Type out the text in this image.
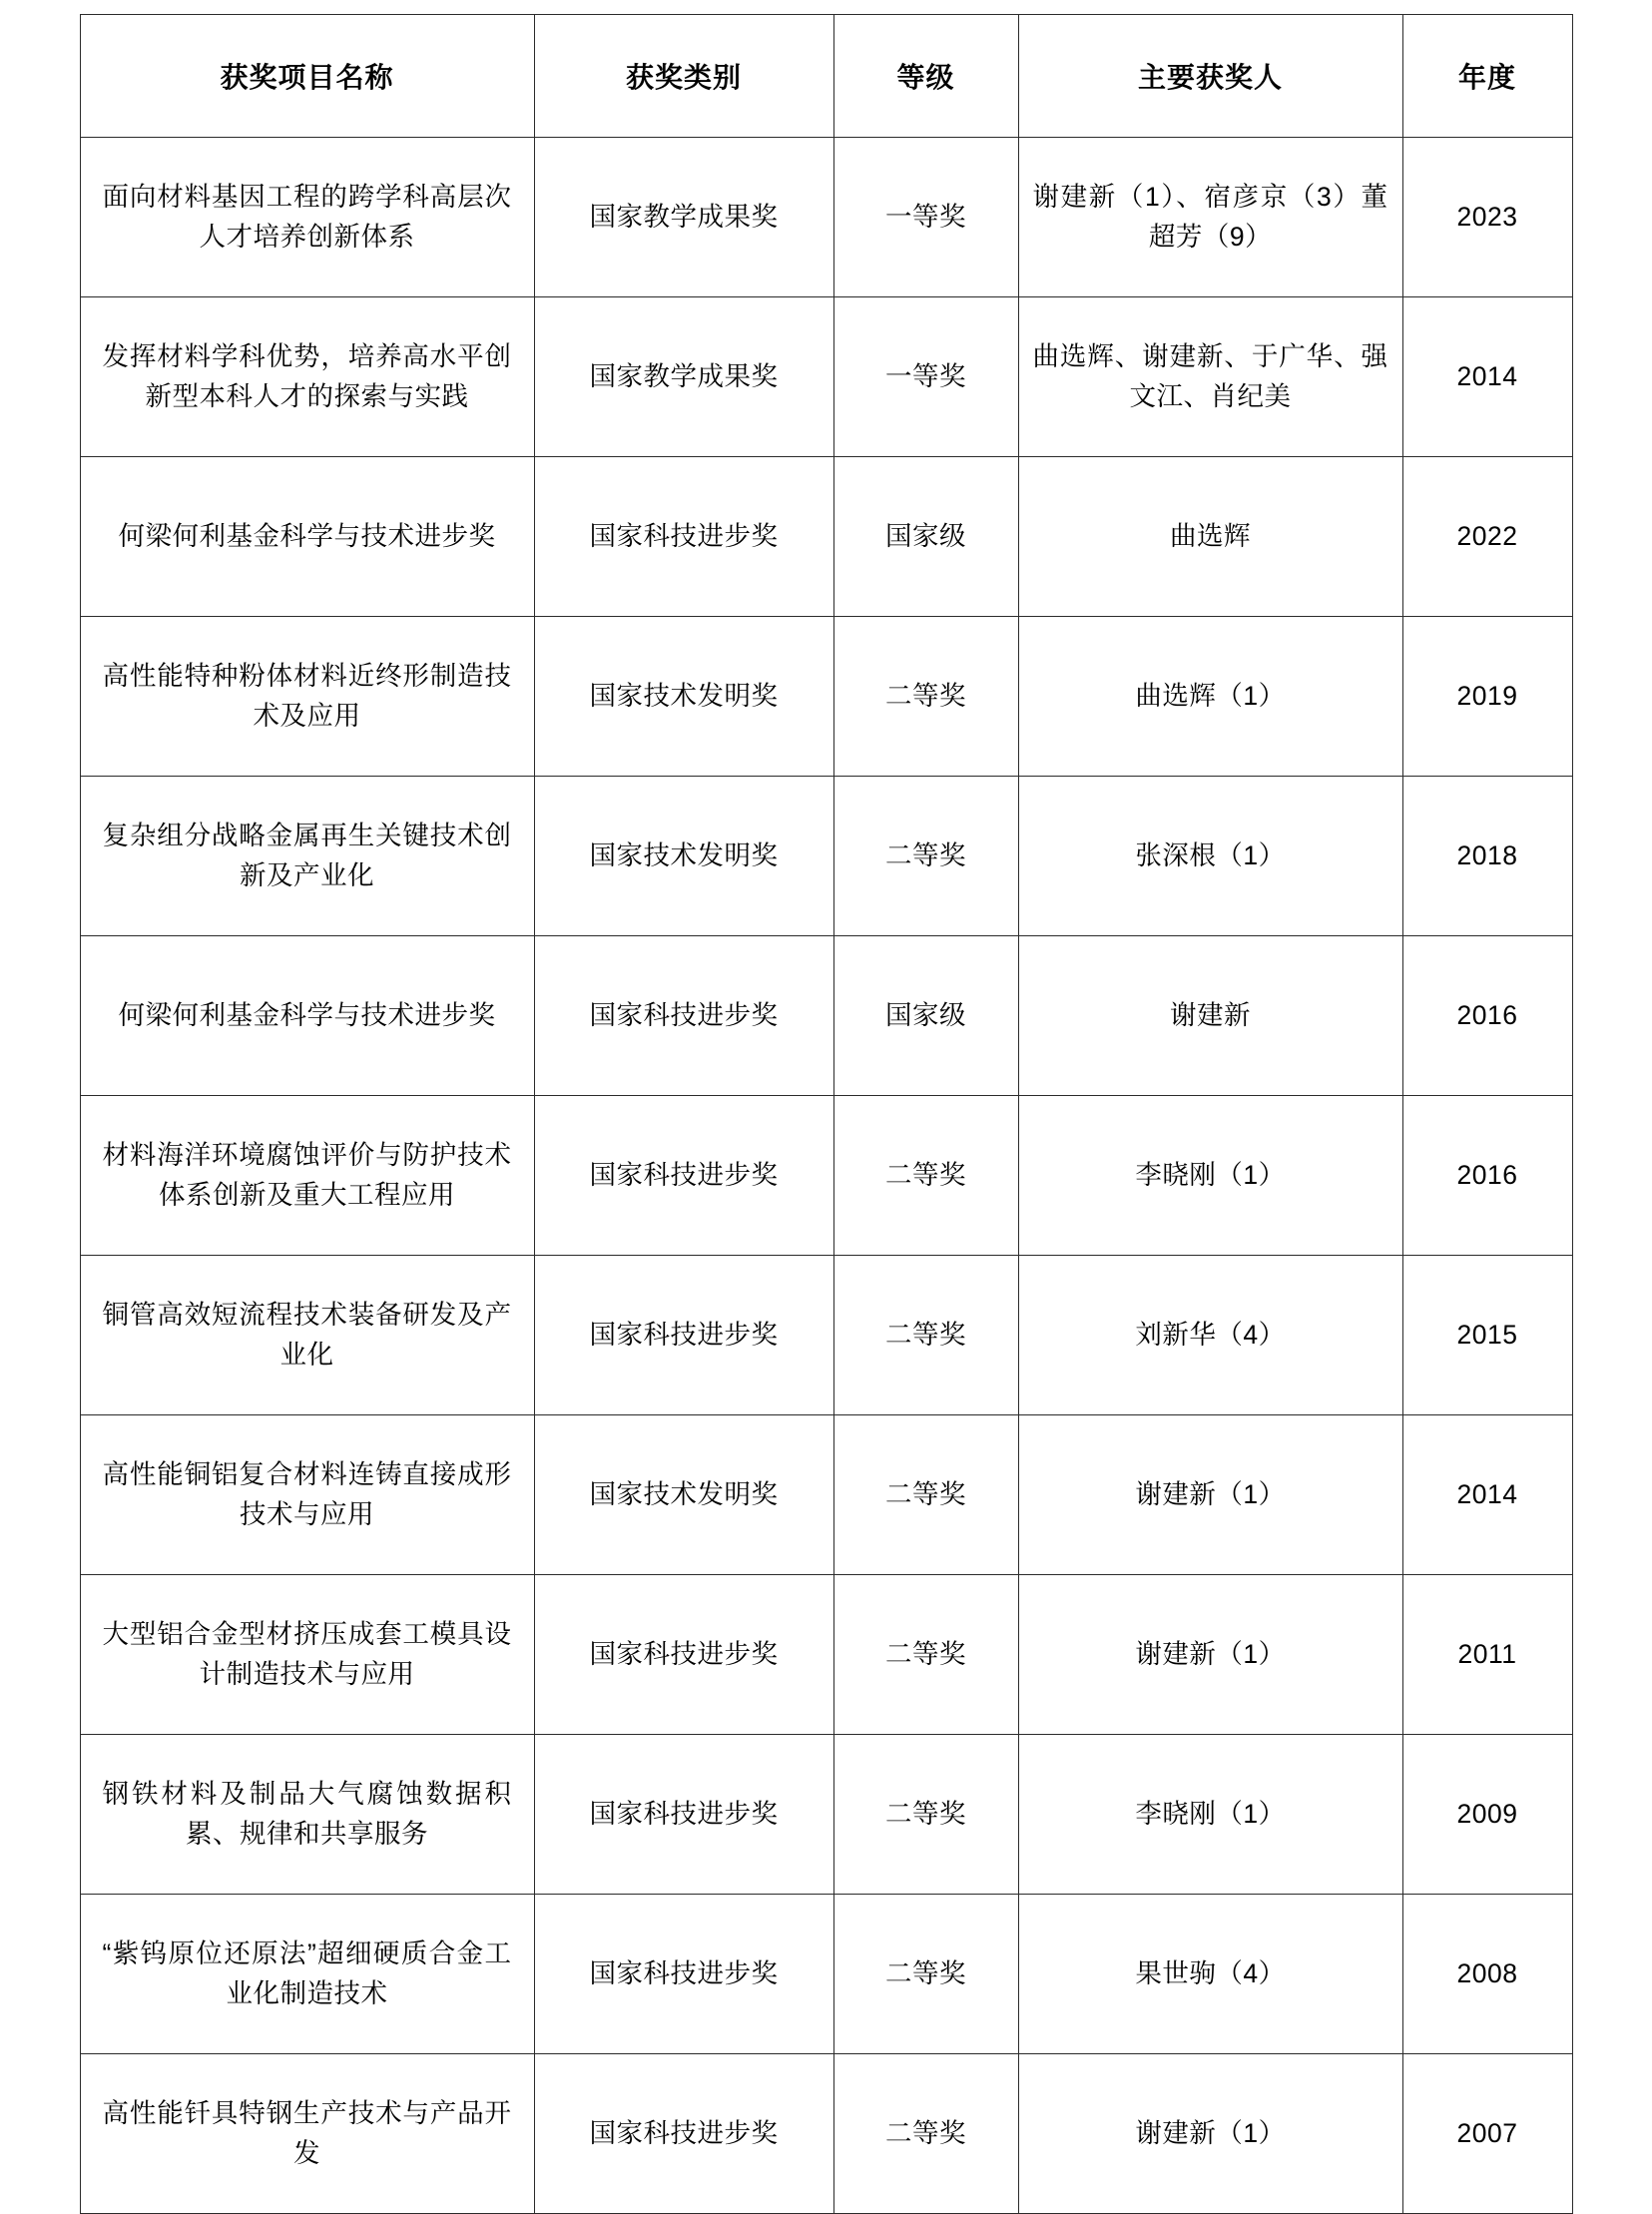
获奖项目名称	获奖类别	等级	主要获奖人	年度

面向材料基因工程的跨学科高层次人才培养创新体系	国家教学成果奖	一等奖	谢建新（1）、宿彦京（3）董超芳（9）	2023

发挥材料学科优势，培养高水平创新型本科人才的探索与实践	国家教学成果奖	一等奖	曲选辉、谢建新、于广华、强文江、肖纪美	2014

何梁何利基金科学与技术进步奖	国家科技进步奖	国家级	曲选辉	2022

高性能特种粉体材料近终形制造技术及应用	国家技术发明奖	二等奖	曲选辉（1）	2019

复杂组分战略金属再生关键技术创新及产业化	国家技术发明奖	二等奖	张深根（1）	2018

何梁何利基金科学与技术进步奖	国家科技进步奖	国家级	谢建新	2016

材料海洋环境腐蚀评价与防护技术体系创新及重大工程应用	国家科技进步奖	二等奖	李晓刚（1）	2016

铜管高效短流程技术装备研发及产业化	国家科技进步奖	二等奖	刘新华（4）	2015

高性能铜铝复合材料连铸直接成形技术与应用	国家技术发明奖	二等奖	谢建新（1）	2014

大型铝合金型材挤压成套工模具设计制造技术与应用	国家科技进步奖	二等奖	谢建新（1）	2011

钢铁材料及制品大气腐蚀数据积累、规律和共享服务	国家科技进步奖	二等奖	李晓刚（1）	2009

“紫钨原位还原法”超细硬质合金工业化制造技术	国家科技进步奖	二等奖	果世驹（4）	2008

高性能钎具特钢生产技术与产品开发	国家科技进步奖	二等奖	谢建新（1）	2007
